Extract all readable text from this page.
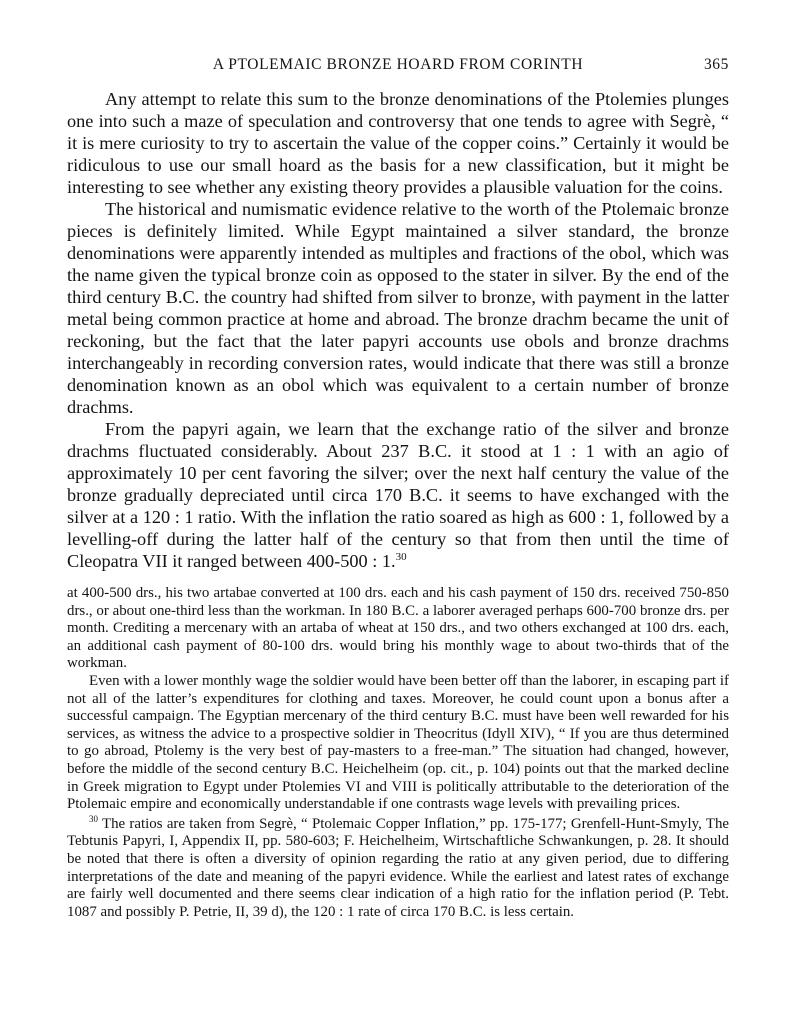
A PTOLEMAIC BRONZE HOARD FROM CORINTH	365

Any attempt to relate this sum to the bronze denominations of the Ptolemies plunges one into such a maze of speculation and controversy that one tends to agree with Segrè, “ it is mere curiosity to try to ascertain the value of the copper coins.” Certainly it would be ridiculous to use our small hoard as the basis for a new classification, but it might be interesting to see whether any existing theory provides a plausible valuation for the coins.

The historical and numismatic evidence relative to the worth of the Ptolemaic bronze pieces is definitely limited. While Egypt maintained a silver standard, the bronze denominations were apparently intended as multiples and fractions of the obol, which was the name given the typical bronze coin as opposed to the stater in silver. By the end of the third century B.C. the country had shifted from silver to bronze, with payment in the latter metal being common practice at home and abroad. The bronze drachm became the unit of reckoning, but the fact that the later papyri accounts use obols and bronze drachms interchangeably in recording conversion rates, would indicate that there was still a bronze denomination known as an obol which was equivalent to a certain number of bronze drachms.

From the papyri again, we learn that the exchange ratio of the silver and bronze drachms fluctuated considerably. About 237 B.C. it stood at 1 : 1 with an agio of approximately 10 per cent favoring the silver; over the next half century the value of the bronze gradually depreciated until circa 170 B.C. it seems to have exchanged with the silver at a 120 : 1 ratio. With the inflation the ratio soared as high as 600 : 1, followed by a levelling-off during the latter half of the century so that from then until the time of Cleopatra VII it ranged between 400-500 : 1.30

at 400-500 drs., his two artabae converted at 100 drs. each and his cash payment of 150 drs. received 750-850 drs., or about one-third less than the workman. In 180 B.C. a laborer averaged perhaps 600-700 bronze drs. per month. Crediting a mercenary with an artaba of wheat at 150 drs., and two others exchanged at 100 drs. each, an additional cash payment of 80-100 drs. would bring his monthly wage to about two-thirds that of the workman.

Even with a lower monthly wage the soldier would have been better off than the laborer, in escaping part if not all of the latter’s expenditures for clothing and taxes. Moreover, he could count upon a bonus after a successful campaign. The Egyptian mercenary of the third century B.C. must have been well rewarded for his services, as witness the advice to a prospective soldier in Theocritus (Idyll XIV), “ If you are thus determined to go abroad, Ptolemy is the very best of pay-masters to a free-man.” The situation had changed, however, before the middle of the second century B.C. Heichelheim (op. cit., p. 104) points out that the marked decline in Greek migration to Egypt under Ptolemies VI and VIII is politically attributable to the deterioration of the Ptolemaic empire and economically understandable if one contrasts wage levels with prevailing prices.

$^{30}$ The ratios are taken from Segrè, “ Ptolemaic Copper Inflation,” pp. 175-177; Grenfell-Hunt-Smyly, The Tebtunis Papyri, I, Appendix II, pp. 580-603; F. Heichelheim, Wirtschaftliche Schwankungen, p. 28. It should be noted that there is often a diversity of opinion regarding the ratio at any given period, due to differing interpretations of the date and meaning of the papyri evidence. While the earliest and latest rates of exchange are fairly well documented and there seems clear indication of a high ratio for the inflation period (P. Tebt. 1087 and possibly P. Petrie, II, 39 d), the 120 : 1 rate of circa 170 B.C. is less certain.
